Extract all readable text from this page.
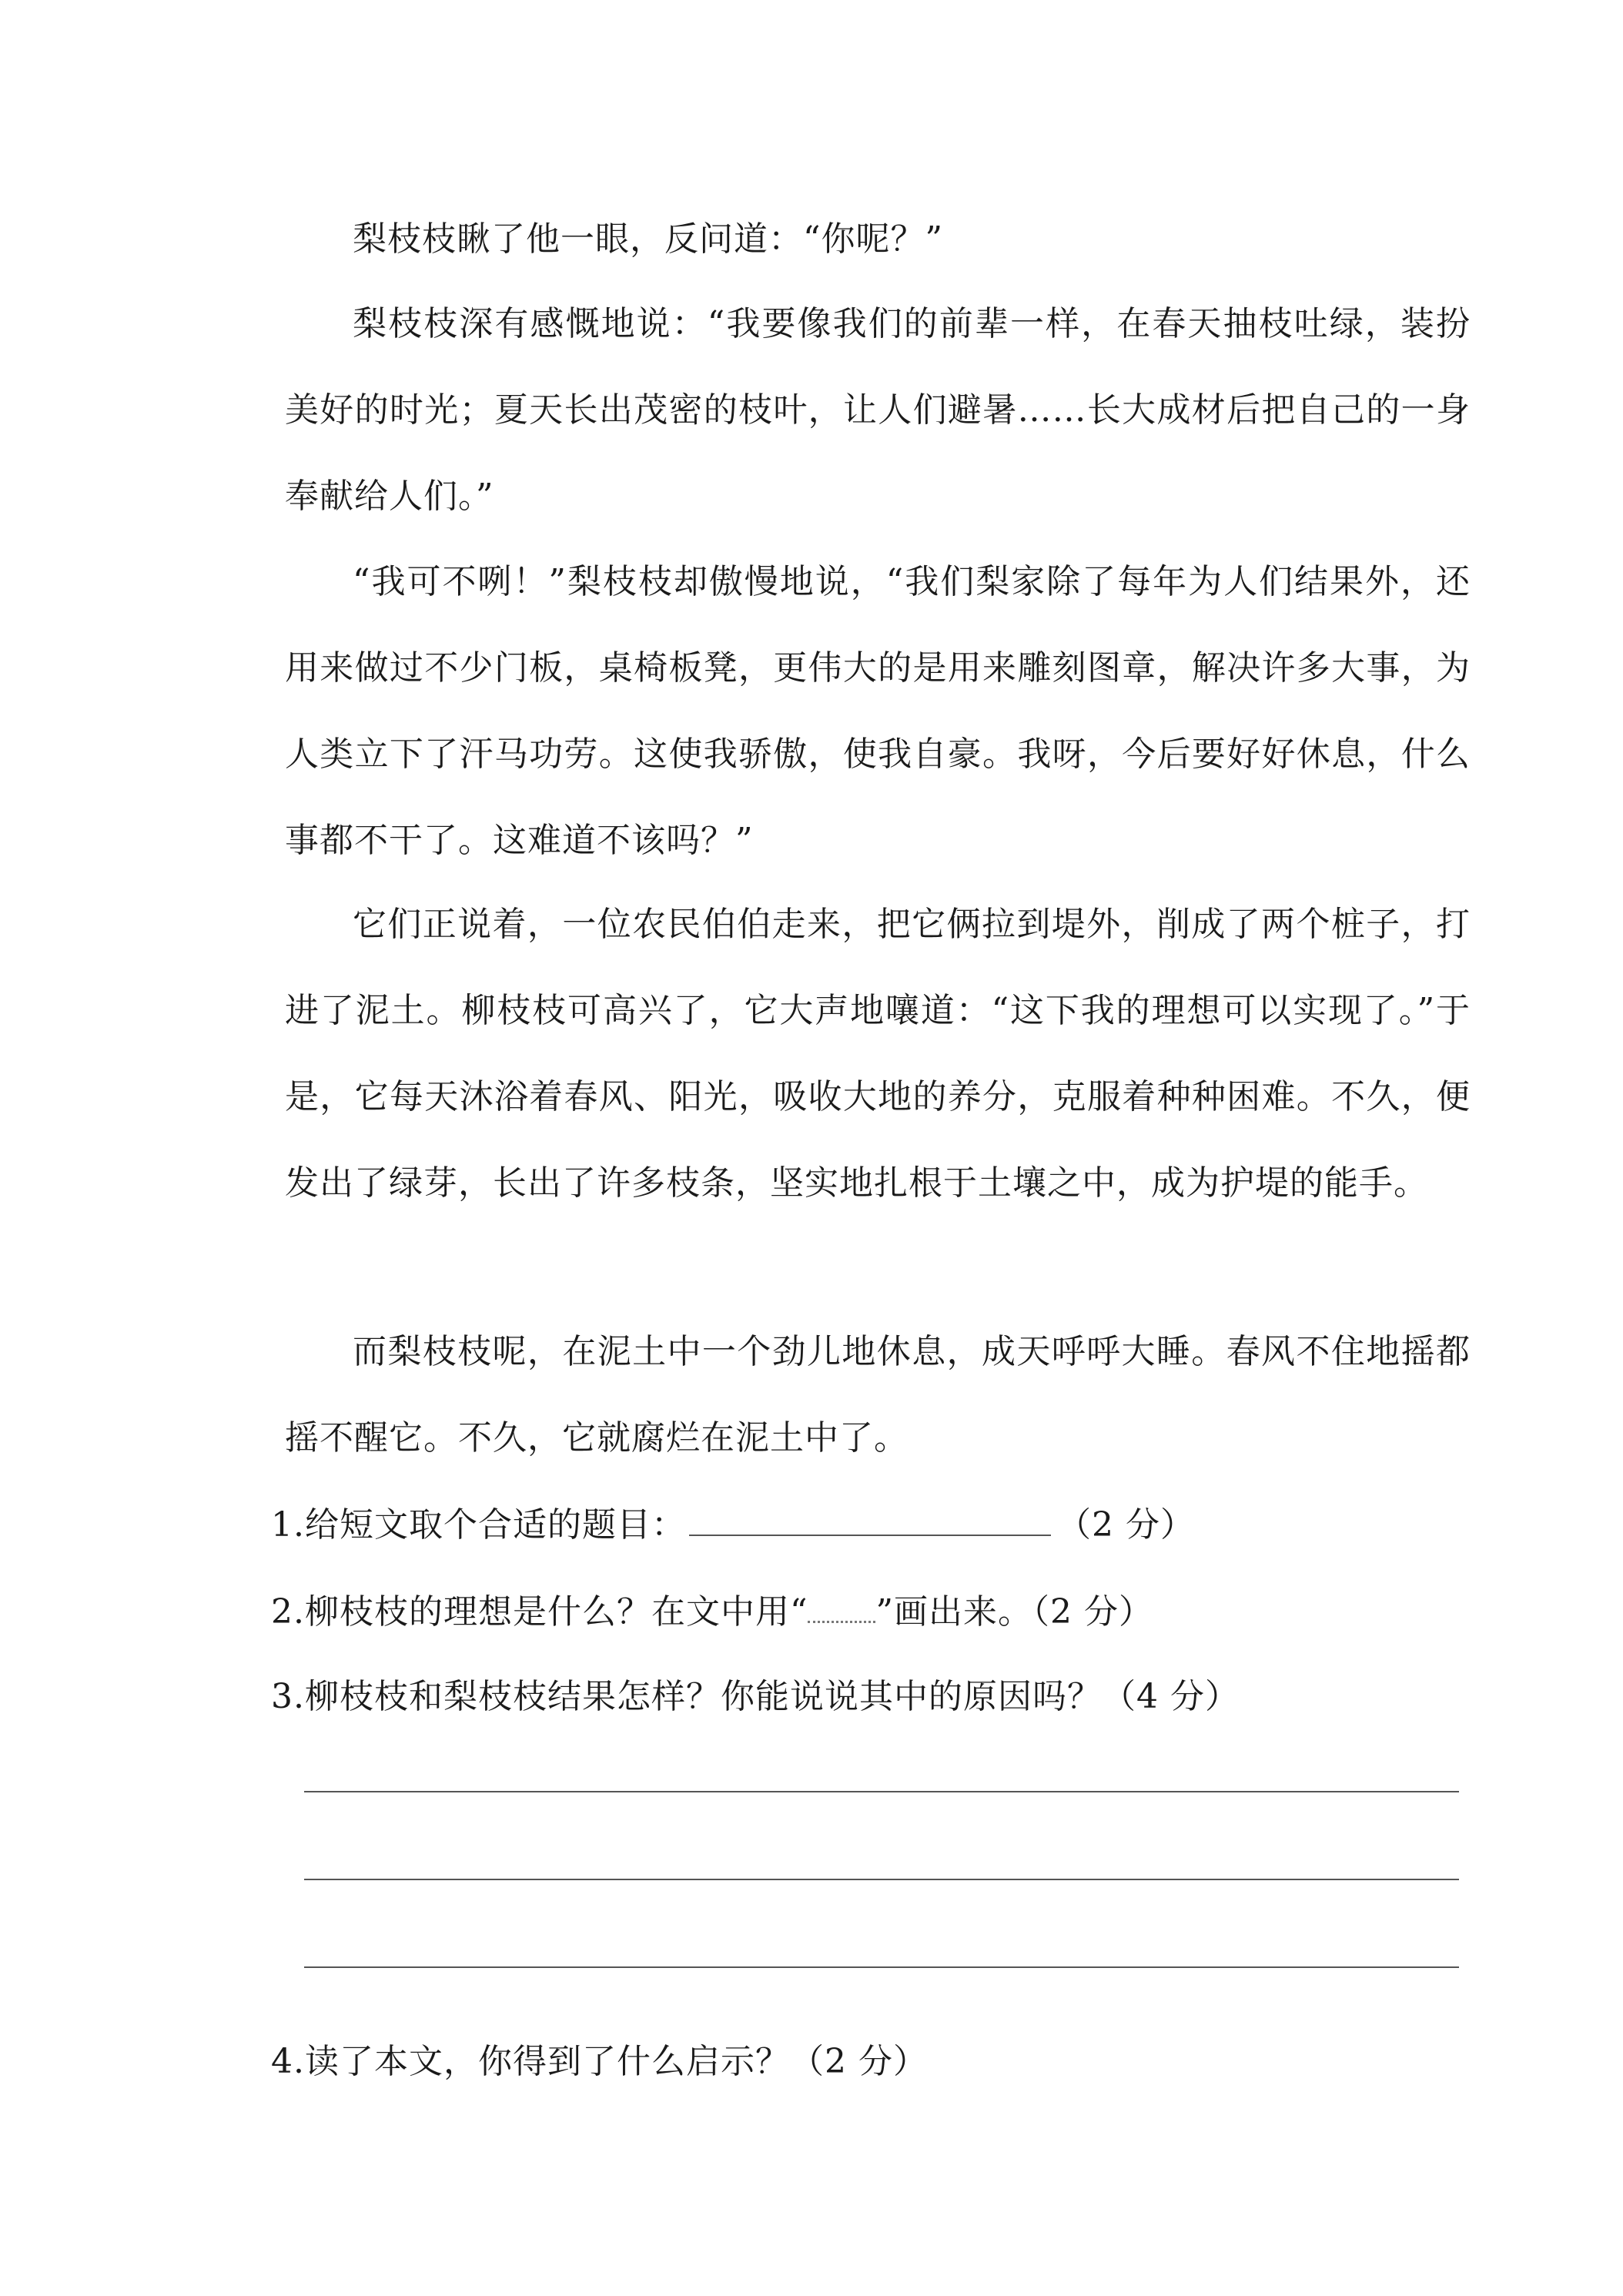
梨枝枝瞅了他一眼，反问道：“你呢？”

梨枝枝深有感慨地说：“我要像我们的前辈一样，在春天抽枝吐绿，装扮美好的时光；夏天长出茂密的枝叶，让人们避暑……长大成材后把自己的一身奉献给人们。”

“我可不咧！”梨枝枝却傲慢地说，“我们梨家除了每年为人们结果外，还用来做过不少门板，桌椅板凳，更伟大的是用来雕刻图章，解决许多大事，为人类立下了汗马功劳。这使我骄傲，使我自豪。我呀，今后要好好休息，什么事都不干了。这难道不该吗？”

它们正说着，一位农民伯伯走来，把它俩拉到堤外，削成了两个桩子，打进了泥土。柳枝枝可高兴了，它大声地嚷道：“这下我的理想可以实现了。”于是，它每天沐浴着春风、阳光，吸收大地的养分，克服着种种困难。不久，便发出了绿芽，长出了许多枝条，坚实地扎根于土壤之中，成为护堤的能手。

而梨枝枝呢，在泥土中一个劲儿地休息，成天呼呼大睡。春风不住地摇都摇不醒它。不久，它就腐烂在泥土中了。

1.给短文取个合适的题目：	（2 分）
2.柳枝枝的理想是什么？在文中用“ ”画出来。（2 分）
3.柳枝枝和梨枝枝结果怎样？你能说说其中的原因吗？（4 分）
4.读了本文，你得到了什么启示？（2 分）
